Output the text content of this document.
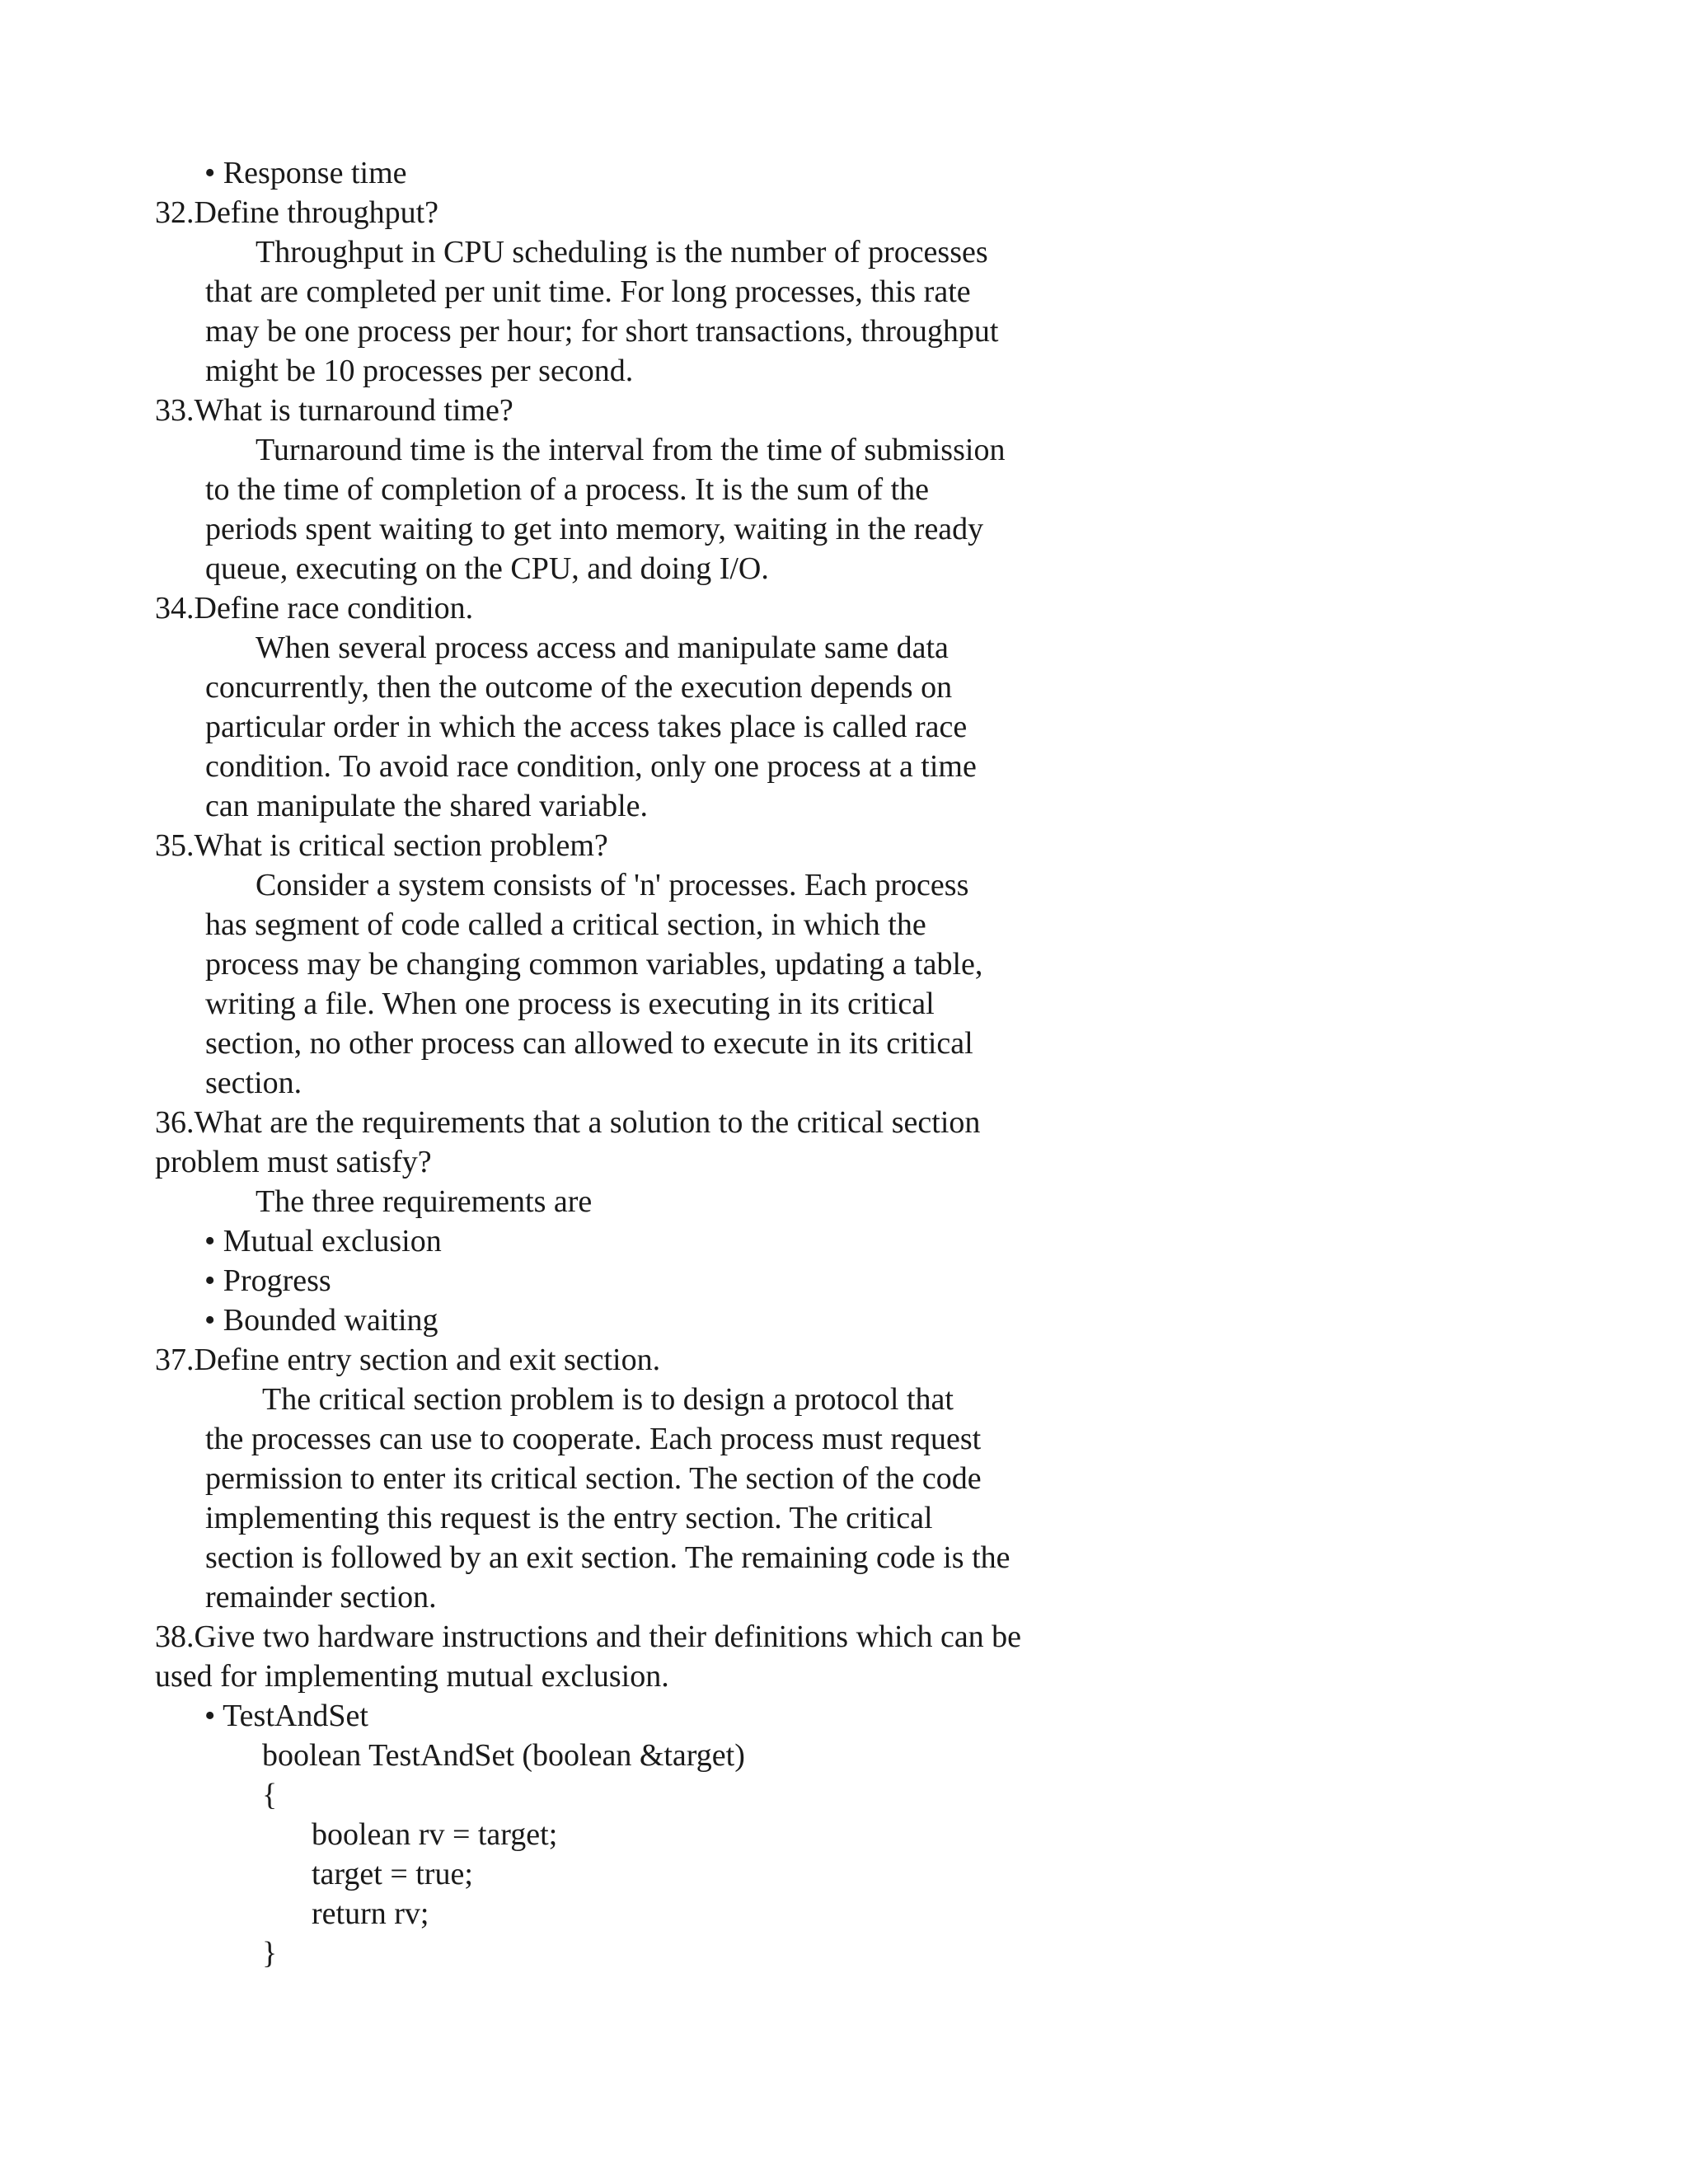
• Response time
32.Define throughput?
Throughput in CPU scheduling is the number of processes
that are completed per unit time. For long processes, this rate
may be one process per hour; for short transactions, throughput
might be 10 processes per second.
33.What is turnaround time?
Turnaround time is the interval from the time of submission
to the time of completion of a process. It is the sum of the
periods spent waiting to get into memory, waiting in the ready
queue, executing on the CPU, and doing I/O.
34.Define race condition.
When several process access and manipulate same data
concurrently, then the outcome of the execution depends on
particular order in which the access takes place is called race
condition. To avoid race condition, only one process at a time
can manipulate the shared variable.
35.What is critical section problem?
Consider a system consists of 'n' processes. Each process
has segment of code called a critical section, in which the
process may be changing common variables, updating a table,
writing a file. When one process is executing in its critical
section, no other process can allowed to execute in its critical
section.
36.What are the requirements that a solution to the critical section
problem must satisfy?
The three requirements are
• Mutual exclusion
• Progress
• Bounded waiting
37.Define entry section and exit section.
The critical section problem is to design a protocol that
the processes can use to cooperate. Each process must request
permission to enter its critical section. The section of the code
implementing this request is the entry section. The critical
section is followed by an exit section. The remaining code is the
remainder section.
38.Give two hardware instructions and their definitions which can be
used for implementing mutual exclusion.
• TestAndSet
boolean TestAndSet (boolean &target)
{
boolean rv = target;
target = true;
return rv;
}
